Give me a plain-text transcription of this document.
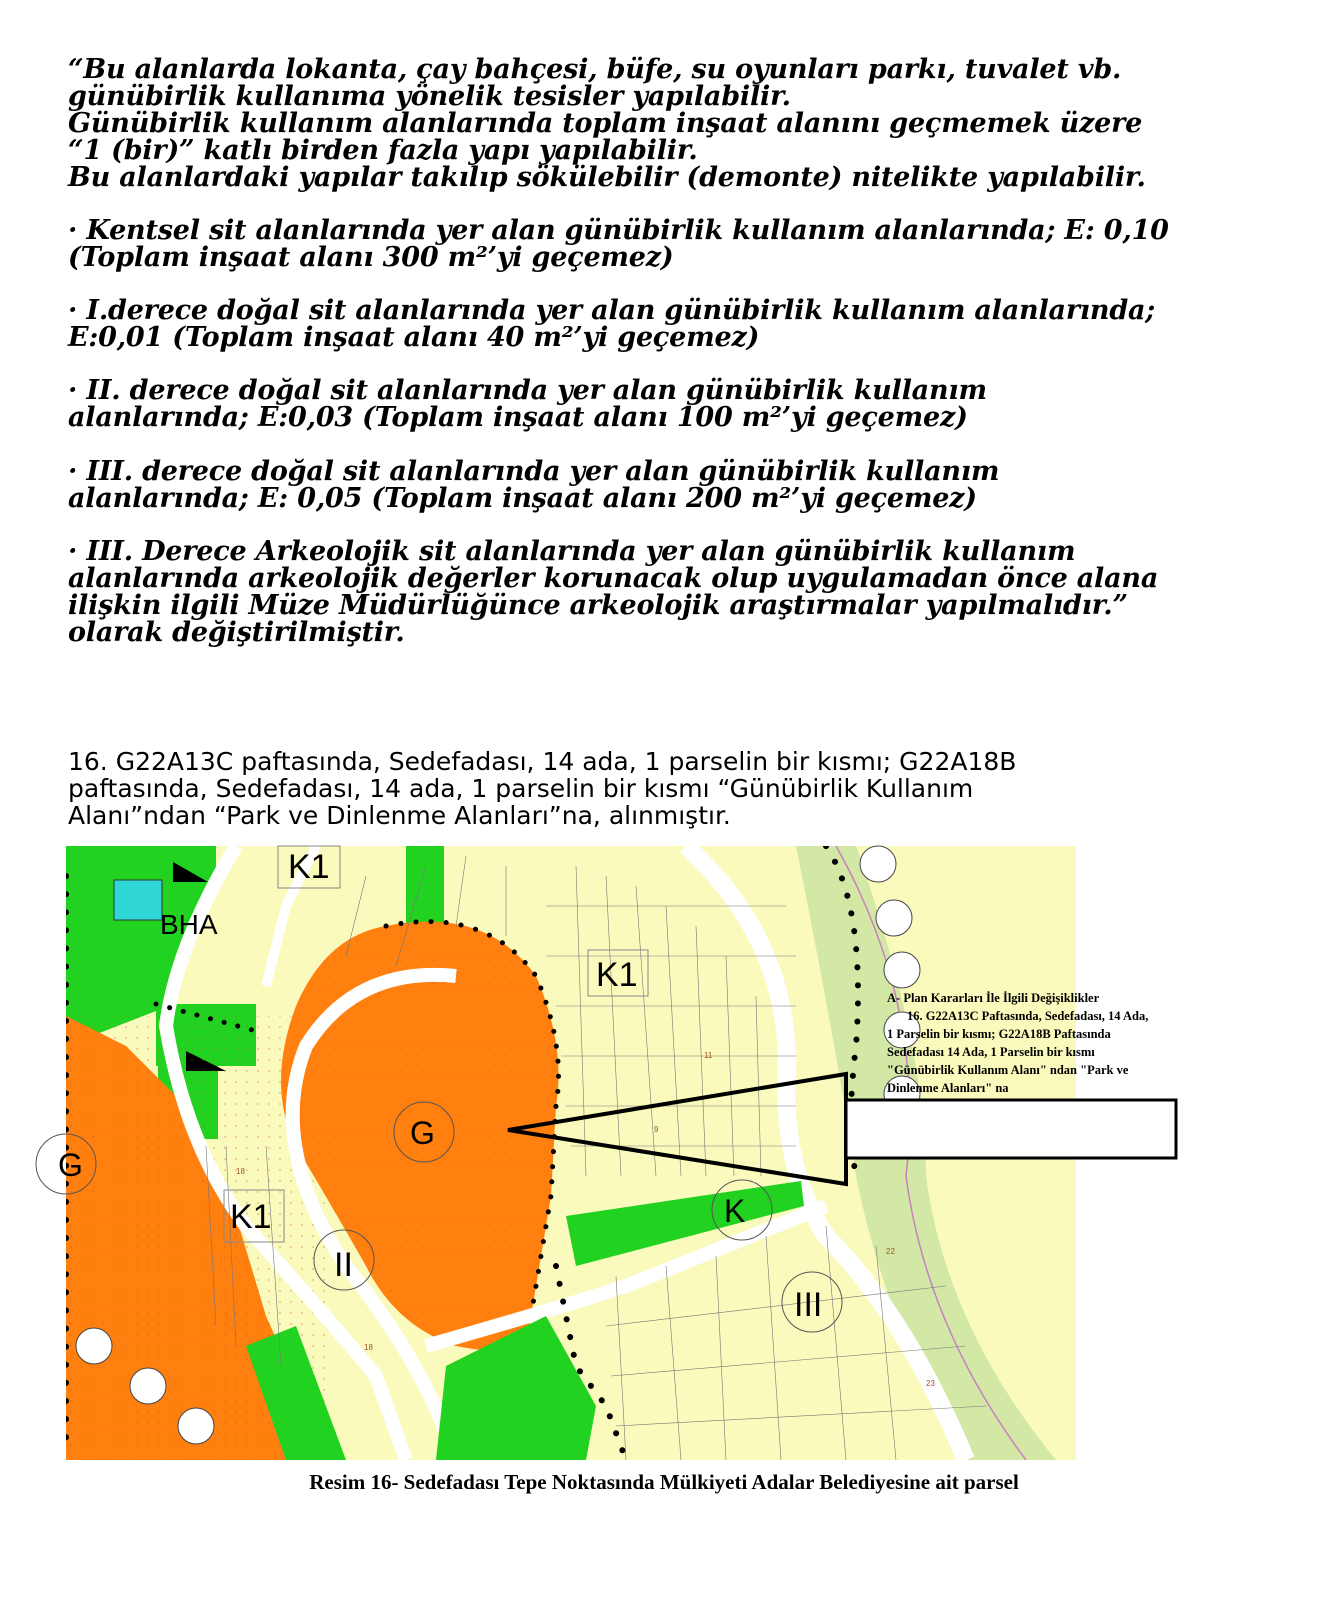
“Bu alanlarda lokanta, çay bahçesi, büfe, su oyunları parkı, tuvalet vb.

günübirlik kullanıma yönelik tesisler yapılabilir.

Günübirlik kullanım alanlarında toplam inşaat alanını geçmemek üzere

“1 (bir)” katlı birden fazla yapı yapılabilir.

Bu alanlardaki yapılar takılıp sökülebilir (demonte) nitelikte yapılabilir.

· Kentsel sit alanlarında yer alan günübirlik kullanım alanlarında; E: 0,10

(Toplam inşaat alanı 300 m²’yi geçemez)

· I.derece doğal sit alanlarında yer alan günübirlik kullanım alanlarında;

E:0,01 (Toplam inşaat alanı 40 m²’yi geçemez)

· II. derece doğal sit alanlarında yer alan günübirlik kullanım

alanlarında; E:0,03 (Toplam inşaat alanı 100 m²’yi geçemez)

· III. derece doğal sit alanlarında yer alan günübirlik kullanım

alanlarında; E: 0,05 (Toplam inşaat alanı 200 m²’yi geçemez)

· III. Derece Arkeolojik sit alanlarında yer alan günübirlik kullanım

alanlarında arkeolojik değerler korunacak olup uygulamadan önce alana

ilişkin ilgili Müze Müdürlüğünce arkeolojik araştırmalar yapılmalıdır.”

olarak değiştirilmiştir.

16. G22A13C paftasında, Sedefadası, 14 ada, 1 parselin bir kısmı; G22A18B

paftasında, Sedefadası, 14 ada, 1 parselin bir kısmı “Günübirlik Kullanım

Alanı”ndan “Park ve Dinlenme Alanları”na, alınmıştır.

K1
K1
K1
BHA
G
G
K
II
III
18
11
9
18
22
23

A- Plan Kararları İle İlgili Değişiklikler

16. G22A13C Paftasında, Sedefadası, 14 Ada,

1 Parselin bir kısmı; G22A18B Paftasında

Sedefadası 14 Ada, 1 Parselin bir kısmı

"Günübirlik Kullanım Alanı" ndan "Park ve

Dinlenme Alanları" na

Resim 16- Sedefadası Tepe Noktasında Mülkiyeti Adalar Belediyesine ait parsel
